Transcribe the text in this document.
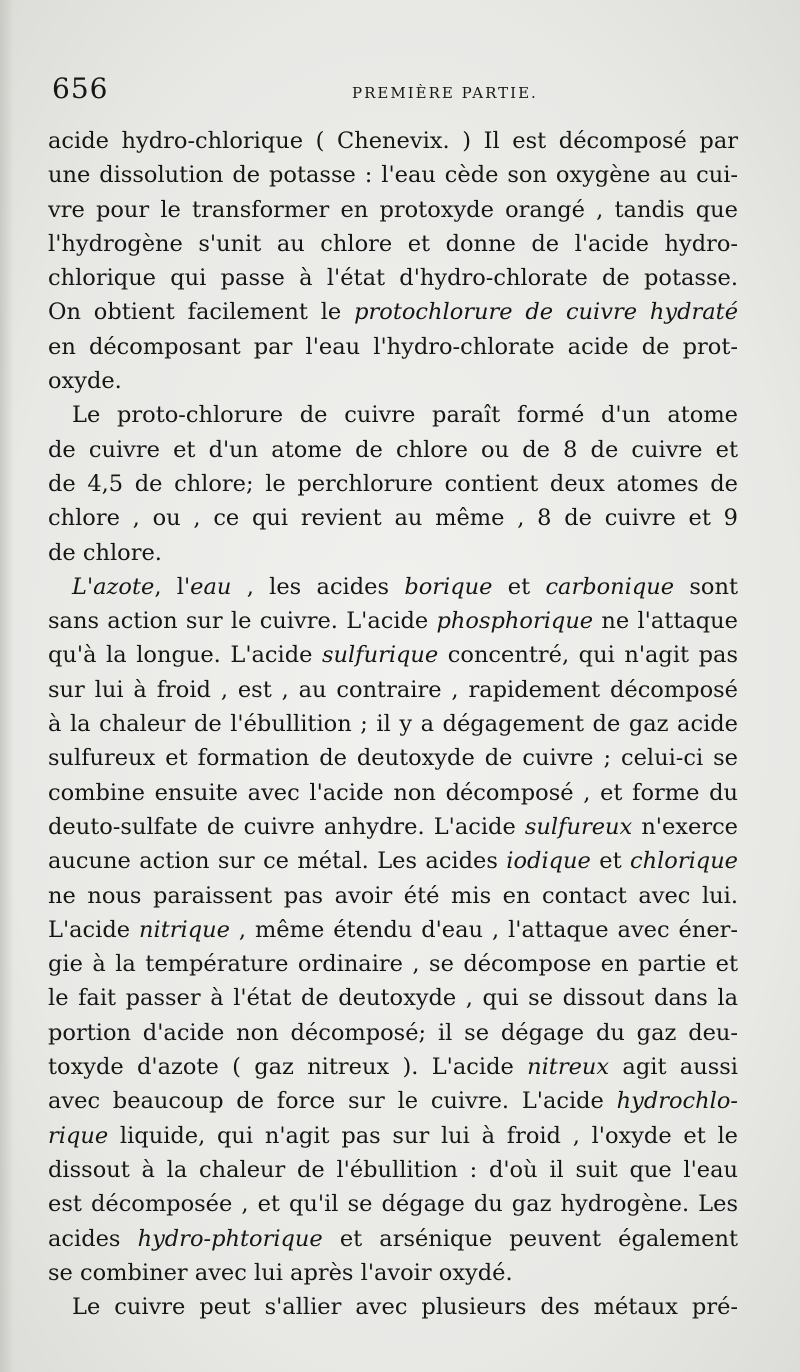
656	PREMIÈRE PARTIE.
acide hydro-chlorique ( Chenevix. ) Il est décomposé par
une dissolution de potasse : l'eau cède son oxygène au cui-
vre pour le transformer en protoxyde orangé , tandis que
l'hydrogène s'unit au chlore et donne de l'acide hydro-
chlorique qui passe à l'état d'hydro-chlorate de potasse.
On obtient facilement le protochlorure de cuivre hydraté
en décomposant par l'eau l'hydro-chlorate acide de prot-
oxyde.
Le proto-chlorure de cuivre paraît formé d'un atome
de cuivre et d'un atome de chlore ou de 8 de cuivre et
de 4,5 de chlore; le perchlorure contient deux atomes de
chlore , ou , ce qui revient au même , 8 de cuivre et 9
de chlore.
L'azote, l'eau , les acides borique et carbonique sont
sans action sur le cuivre. L'acide phosphorique ne l'attaque
qu'à la longue. L'acide sulfurique concentré, qui n'agit pas
sur lui à froid , est , au contraire , rapidement décomposé
à la chaleur de l'ébullition ; il y a dégagement de gaz acide
sulfureux et formation de deutoxyde de cuivre ; celui-ci se
combine ensuite avec l'acide non décomposé , et forme du
deuto-sulfate de cuivre anhydre. L'acide sulfureux n'exerce
aucune action sur ce métal. Les acides iodique et chlorique
ne nous paraissent pas avoir été mis en contact avec lui.
L'acide nitrique , même étendu d'eau , l'attaque avec éner-
gie à la température ordinaire , se décompose en partie et
le fait passer à l'état de deutoxyde , qui se dissout dans la
portion d'acide non décomposé; il se dégage du gaz deu-
toxyde d'azote ( gaz nitreux ). L'acide nitreux agit aussi
avec beaucoup de force sur le cuivre. L'acide hydrochlo-
rique liquide, qui n'agit pas sur lui à froid , l'oxyde et le
dissout à la chaleur de l'ébullition : d'où il suit que l'eau
est décomposée , et qu'il se dégage du gaz hydrogène. Les
acides hydro-phtorique et arsénique peuvent également
se combiner avec lui après l'avoir oxydé.
Le cuivre peut s'allier avec plusieurs des métaux pré-
